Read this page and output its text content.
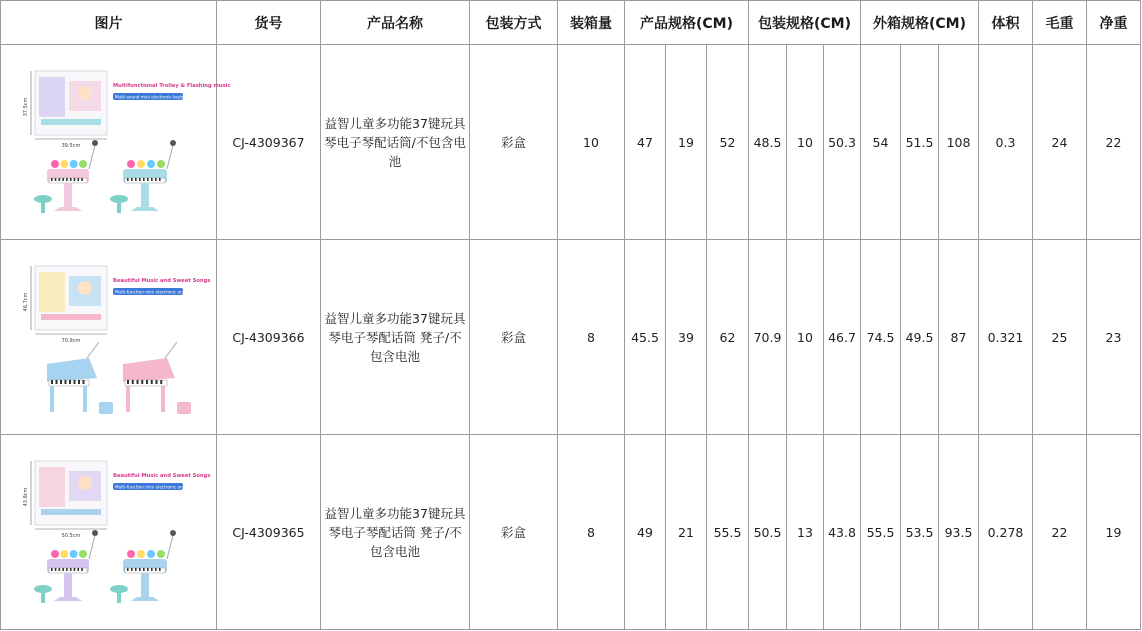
图片	货号	产品名称	包装方式	装箱量	产品规格(CM)			包装规格(CM)			外箱规格(CM)			体积	毛重	净重

39.5cm
37.5cm
Multifunctional Trolley & Flashing music
Multi-sound mini electronic keyboard	CJ-4309367	益智儿童多功能37键玩具琴电子琴配话筒/不包含电池	彩盒	10	47	19	52	48.5	10	50.3	54	51.5	108	0.3	24	22

70.9cm
46.7cm
Beautiful Music and Sweet Songs
Multi-function mini electronic organ	CJ-4309366	益智儿童多功能37键玩具琴电子琴配话筒 凳子/不包含电池	彩盒	8	45.5	39	62	70.9	10	46.7	74.5	49.5	87	0.321	25	23

50.5cm
43.8cm
Beautiful Music and Sweet Songs
Multi-function mini electronic organ	CJ-4309365	益智儿童多功能37键玩具琴电子琴配话筒 凳子/不包含电池	彩盒	8	49	21	55.5	50.5	13	43.8	55.5	53.5	93.5	0.278	22	19
